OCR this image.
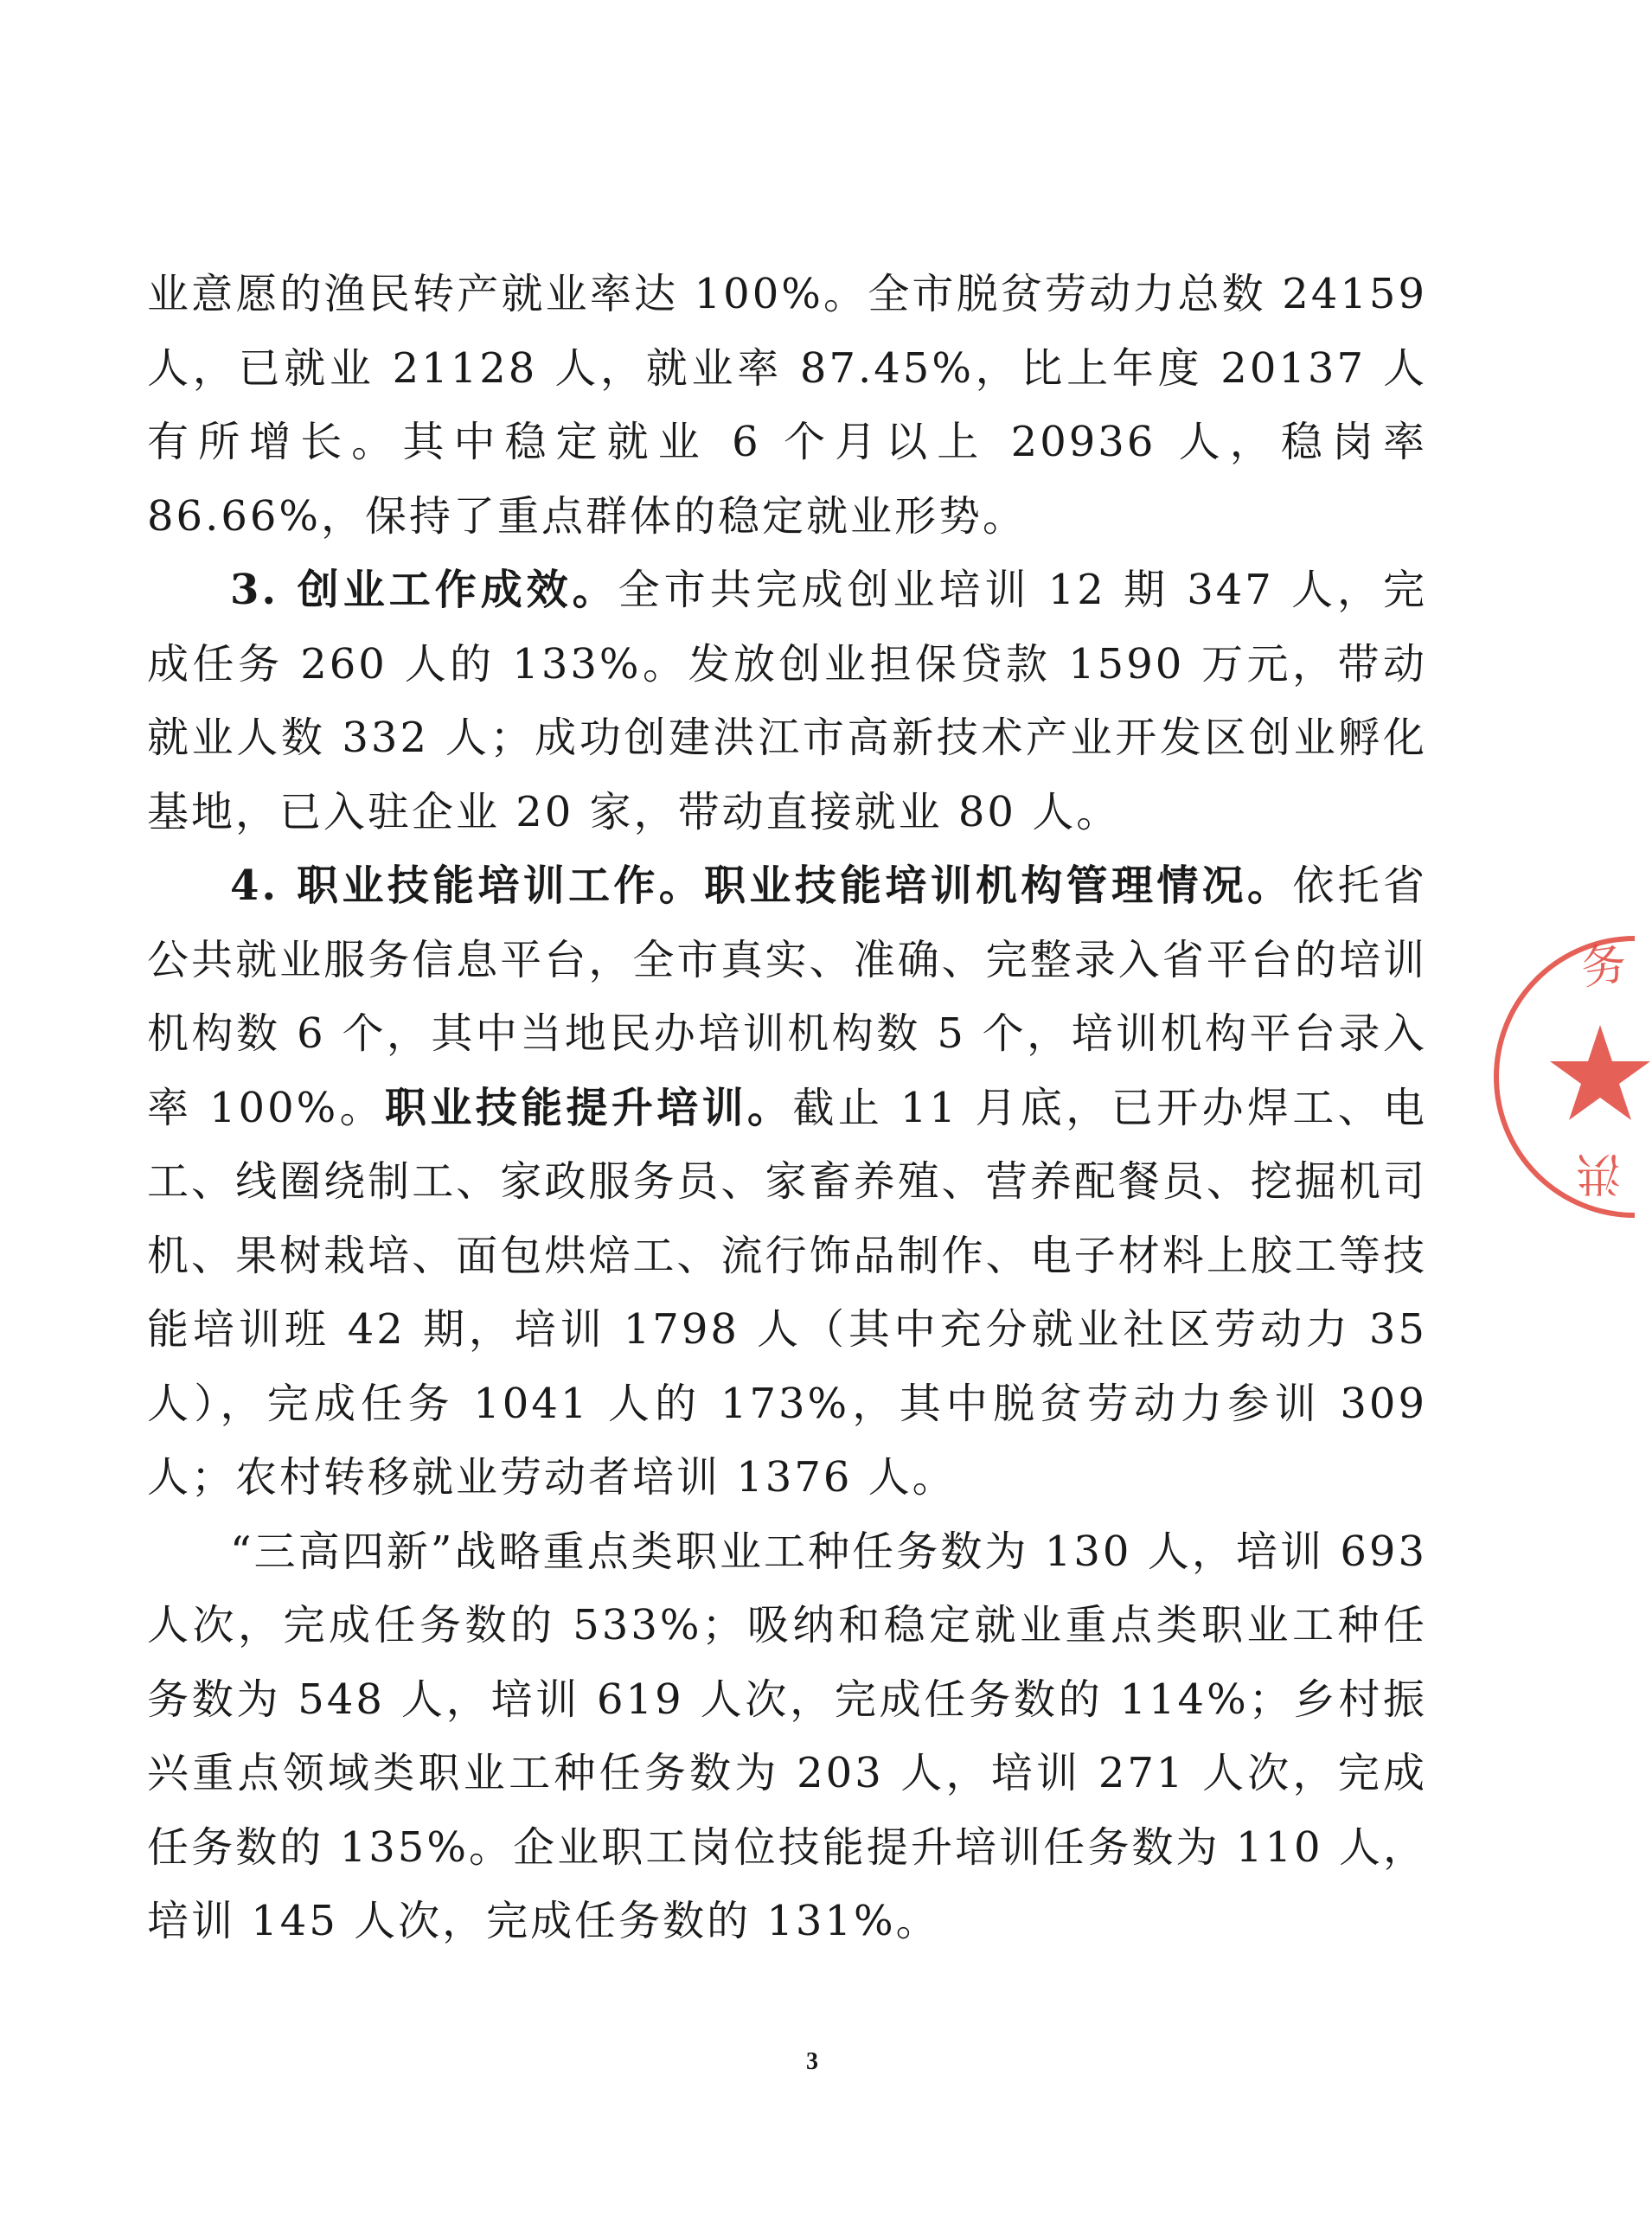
业意愿的渔民转产就业率达 100%。全市脱贫劳动力总数 24159 人，已就业 21128 人，就业率 87.45%，比上年度 20137 人有所增长。其中稳定就业 6 个月以上 20936 人，稳岗率 86.66%，保持了重点群体的稳定就业形势。

3. 创业工作成效。全市共完成创业培训 12 期 347 人，完成任务 260 人的 133%。发放创业担保贷款 1590 万元，带动就业人数 332 人；成功创建洪江市高新技术产业开发区创业孵化基地，已入驻企业 20 家，带动直接就业 80 人。

4. 职业技能培训工作。职业技能培训机构管理情况。依托省公共就业服务信息平台，全市真实、准确、完整录入省平台的培训机构数 6 个，其中当地民办培训机构数 5 个，培训机构平台录入率 100%。职业技能提升培训。截止 11 月底，已开办焊工、电工、线圈绕制工、家政服务员、家畜养殖、营养配餐员、挖掘机司机、果树栽培、面包烘焙工、流行饰品制作、电子材料上胶工等技能培训班 42 期，培训 1798 人（其中充分就业社区劳动力 35 人），完成任务 1041 人的 173%，其中脱贫劳动力参训 309 人；农村转移就业劳动者培训 1376 人。

“三高四新”战略重点类职业工种任务数为 130 人，培训 693 人次，完成任务数的 533%；吸纳和稳定就业重点类职业工种任务数为 548 人，培训 619 人次，完成任务数的 114%；乡村振兴重点领域类职业工种任务数为 203 人，培训 271 人次，完成任务数的 135%。企业职工岗位技能提升培训任务数为 110 人，培训 145 人次，完成任务数的 131%。

3
务
洪
